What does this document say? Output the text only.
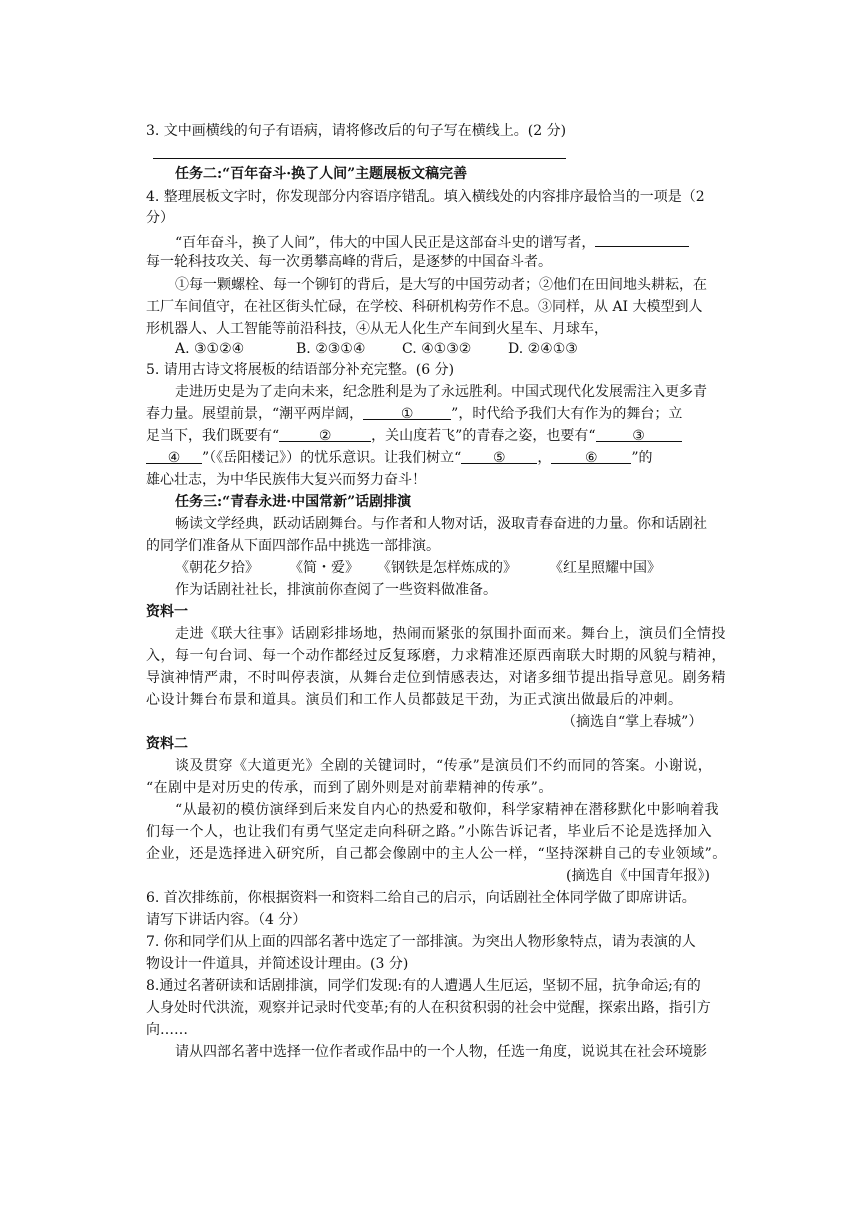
3. 文中画横线的句子有语病，请将修改后的句子写在横线上。(2 分)
任务二:“百年奋斗·换了人间”主题展板文稿完善
4. 整理展板文字时，你发现部分内容语序错乱。填入横线处的内容排序最恰当的一项是（2
分）
“百年奋斗，换了人间”，伟大的中国人民正是这部奋斗史的谱写者，
每一轮科技攻关、每一次勇攀高峰的背后，是逐梦的中国奋斗者。
①每一颗螺栓、每一个铆钉的背后，是大写的中国劳动者；②他们在田间地头耕耘，在
工厂车间值守，在社区街头忙碌，在学校、科研机构劳作不息。③同样，从 AI 大模型到人
形机器人、人工智能等前沿科技，④从无人化生产车间到火星车、月球车，
A. ③①②④	B. ②③①④	C. ④①③②	D. ②④①③
5. 请用古诗文将展板的结语部分补充完整。(6 分)
走进历史是为了走向未来，纪念胜利是为了永远胜利。中国式现代化发展需注入更多青
春力量。展望前景，“潮平两岸阔，	①	”，时代给予我们大有作为的舞台；立
足当下，我们既要有“	②	，关山度若飞”的青春之姿，也要有“	③
④ ”（《岳阳楼记》）的忧乐意识。让我们树立“ ⑤ ， ⑥ ”的
雄心壮志，为中华民族伟大复兴而努力奋斗！
任务三:“青春永进·中国常新”话剧排演
畅读文学经典，跃动话剧舞台。与作者和人物对话，汲取青春奋进的力量。你和话剧社
的同学们准备从下面四部作品中挑选一部排演。
《朝花夕拾》 《简・爱》 《钢铁是怎样炼成的》 《红星照耀中国》
作为话剧社社长，排演前你查阅了一些资料做准备。
资料一
走进《联大往事》话剧彩排场地，热闹而紧张的氛围扑面而来。舞台上，演员们全情投
入，每一句台词、每一个动作都经过反复琢磨，力求精准还原西南联大时期的风貌与精神，
导演神情严肃，不时叫停表演，从舞台走位到情感表达，对诸多细节提出指导意见。剧务精
心设计舞台布景和道具。演员们和工作人员都鼓足干劲，为正式演出做最后的冲刺。
（摘选自“掌上春城”）
资料二
谈及贯穿《大道更光》全剧的关键词时，“传承”是演员们不约而同的答案。小谢说，
“在剧中是对历史的传承，而到了剧外则是对前辈精神的传承”。
“从最初的模仿演绎到后来发自内心的热爱和敬仰，科学家精神在潜移默化中影响着我
们每一个人，也让我们有勇气坚定走向科研之路。”小陈告诉记者，毕业后不论是选择加入
企业，还是选择进入研究所，自己都会像剧中的主人公一样，“坚持深耕自己的专业领域”。
(摘选自《中国青年报》)
6. 首次排练前，你根据资料一和资料二给自己的启示，向话剧社全体同学做了即席讲话。
请写下讲话内容。（4 分）
7. 你和同学们从上面的四部名著中选定了一部排演。为突出人物形象特点，请为表演的人
物设计一件道具，并简述设计理由。(3 分)
8.通过名著研读和话剧排演，同学们发现:有的人遭遇人生厄运，坚韧不屈，抗争命运;有的
人身处时代洪流，观察并记录时代变革;有的人在积贫积弱的社会中觉醒，探索出路，指引方
向……
请从四部名著中选择一位作者或作品中的一个人物，任选一角度，说说其在社会环境影
